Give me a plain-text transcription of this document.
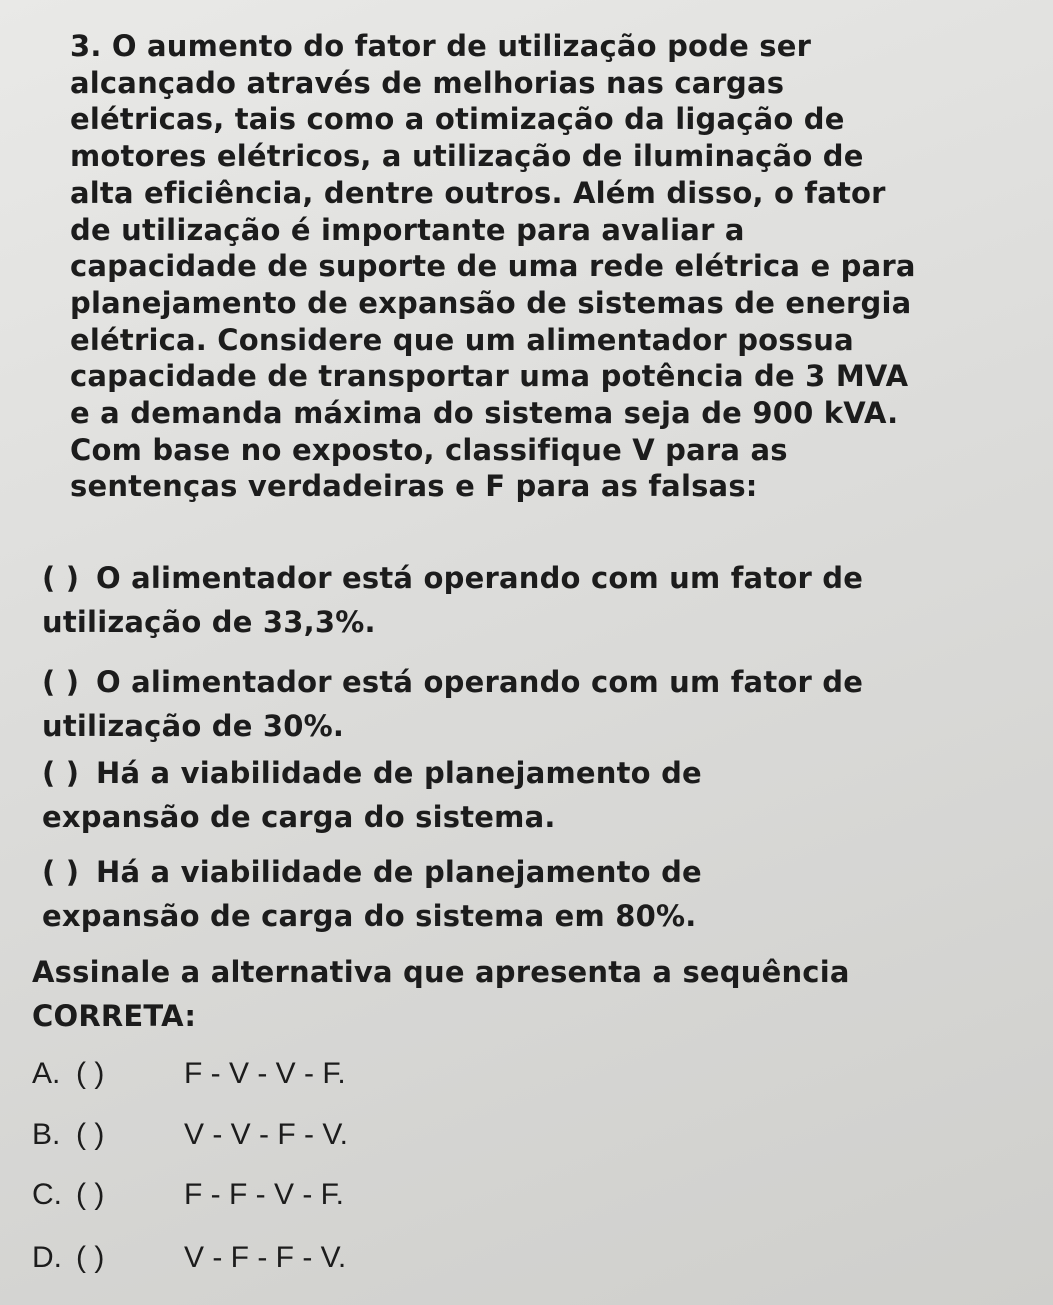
3. O aumento do fator de utilização pode ser
alcançado através de melhorias nas cargas
elétricas, tais como a otimização da ligação de
motores elétricos, a utilização de iluminação de
alta eficiência, dentre outros. Além disso, o fator
de utilização é importante para avaliar a
capacidade de suporte de uma rede elétrica e para
planejamento de expansão de sistemas de energia
elétrica. Considere que um alimentador possua
capacidade de transportar uma potência de 3 MVA
e a demanda máxima do sistema seja de 900 kVA.
Com base no exposto, classifique V para as
sentenças verdadeiras e F para as falsas:
( ) O alimentador está operando com um fator de
utilização de 33,3%.
( ) O alimentador está operando com um fator de
utilização de 30%.
( ) Há a viabilidade de planejamento de
expansão de carga do sistema.
( ) Há a viabilidade de planejamento de
expansão de carga do sistema em 80%.
Assinale a alternativa que apresenta a sequência
CORRETA:
A. ( )	F - V - V - F.
B. ( )	V - V - F - V.
C. ( )	F - F - V - F.
D. ( )	V - F - F - V.
